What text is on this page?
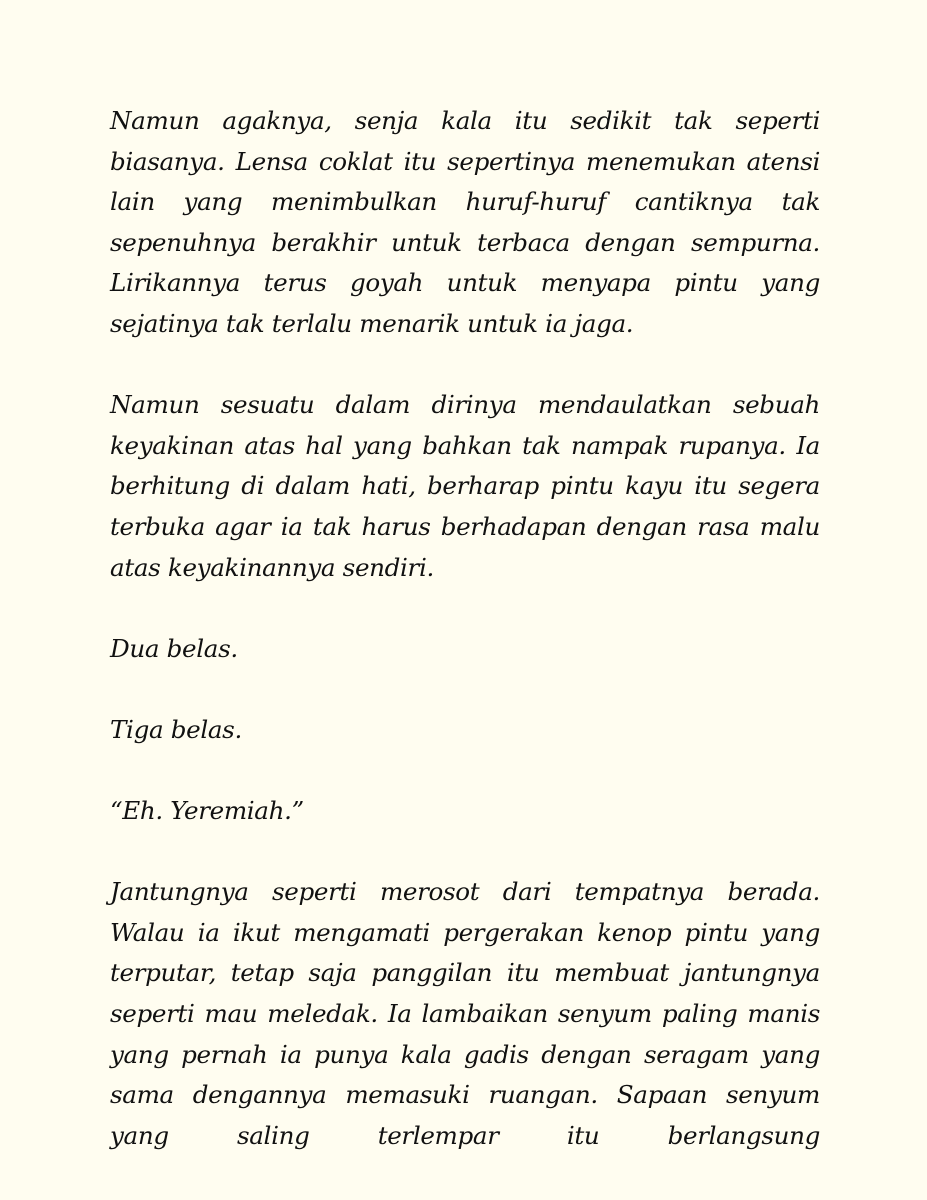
Namun agaknya, senja kala itu sedikit tak seperti biasanya. Lensa coklat itu sepertinya menemukan atensi lain yang menimbulkan huruf-huruf cantiknya tak sepenuhnya berakhir untuk terbaca dengan sempurna. Lirikannya terus goyah untuk menyapa pintu yang sejatinya tak terlalu menarik untuk ia jaga.

Namun sesuatu dalam dirinya mendaulatkan sebuah keyakinan atas hal yang bahkan tak nampak rupanya. Ia berhitung di dalam hati, berharap pintu kayu itu segera terbuka agar ia tak harus berhadapan dengan rasa malu atas keyakinannya sendiri.

Dua belas.

Tiga belas.

“Eh. Yeremiah.”

Jantungnya seperti merosot dari tempatnya berada. Walau ia ikut mengamati pergerakan kenop pintu yang terputar, tetap saja panggilan itu membuat jantungnya seperti mau meledak. Ia lambaikan senyum paling manis yang pernah ia punya kala gadis dengan seragam yang sama dengannya memasuki ruangan. Sapaan senyum yang saling terlempar itu berlangsung
